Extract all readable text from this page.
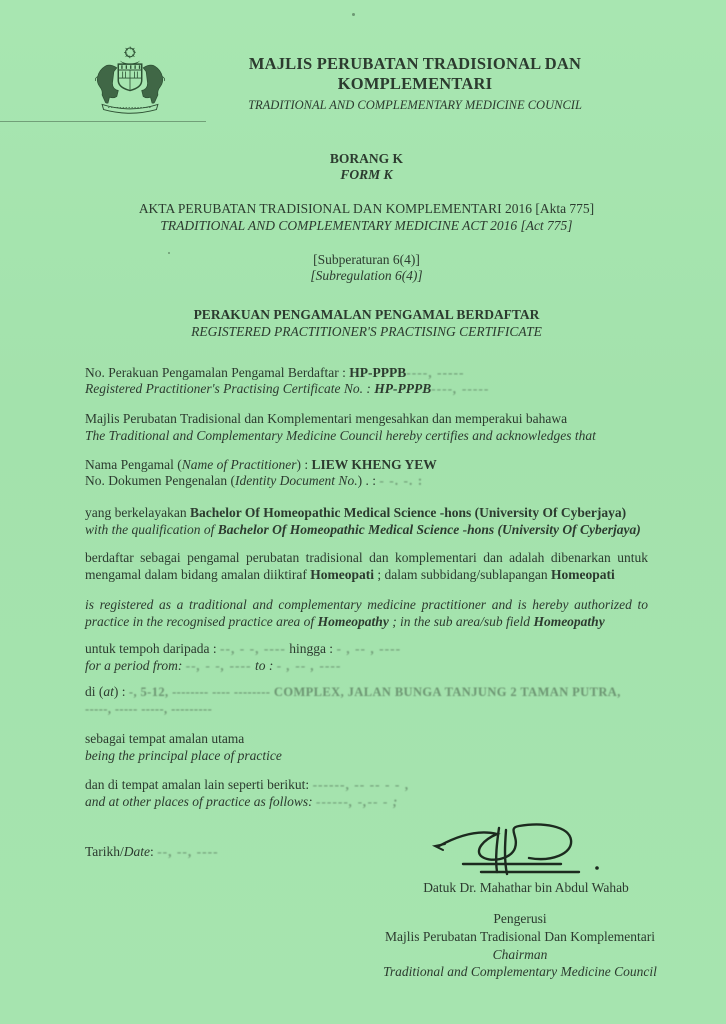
MAJLIS PERUBATAN TRADISIONAL DAN KOMPLEMENTARI
TRADITIONAL AND COMPLEMENTARY MEDICINE COUNCIL
BORANG K
FORM K
AKTA PERUBATAN TRADISIONAL DAN KOMPLEMENTARI 2016 [Akta 775]
TRADITIONAL AND COMPLEMENTARY MEDICINE ACT 2016 [Act 775]
[Subperaturan 6(4)]
[Subregulation 6(4)]
PERAKUAN PENGAMALAN PENGAMAL BERDAFTAR
REGISTERED PRACTITIONER'S PRACTISING CERTIFICATE
No. Perakuan Pengamalan Pengamal Berdaftar : HP-PPPB----, -----
Registered Practitioner's Practising Certificate No. : HP-PPPB----, -----
Majlis Perubatan Tradisional dan Komplementari mengesahkan dan memperakui bahawa
The Traditional and Complementary Medicine Council hereby certifies and acknowledges that
Nama Pengamal (Name of Practitioner) : LIEW KHENG YEW
No. Dokumen Pengenalan (Identity Document No.) . : - -. -. :
yang berkelayakan Bachelor Of Homeopathic Medical Science -hons (University Of Cyberjaya)
with the qualification of Bachelor Of Homeopathic Medical Science -hons (University Of Cyberjaya)
berdaftar sebagai pengamal perubatan tradisional dan komplementari dan adalah dibenarkan untuk mengamal dalam bidang amalan diiktiraf Homeopati ; dalam subbidang/sublapangan Homeopati
is registered as a traditional and complementary medicine practitioner and is hereby authorized to practice in the recognised practice area of Homeopathy ; in the sub area/sub field Homeopathy
untuk tempoh daripada : --, - -, ---- hingga : - , -- , ----
for a period from: --, - -, ---- to : - , -- , ----
di (at) : -, 5-12, -------- ---- -------- COMPLEX, JALAN BUNGA TANJUNG 2 TAMAN PUTRA,
-----, ----- -----, ---------
sebagai tempat amalan utama
being the principal place of practice
dan di tempat amalan lain seperti berikut: ------, -- -- - - ,
and at other places of practice as follows: ------, -,-- - ;
Tarikh/Date: --, --, ----
Datuk Dr. Mahathar bin Abdul Wahab
Pengerusi
Majlis Perubatan Tradisional Dan Komplementari
Chairman
Traditional and Complementary Medicine Council
